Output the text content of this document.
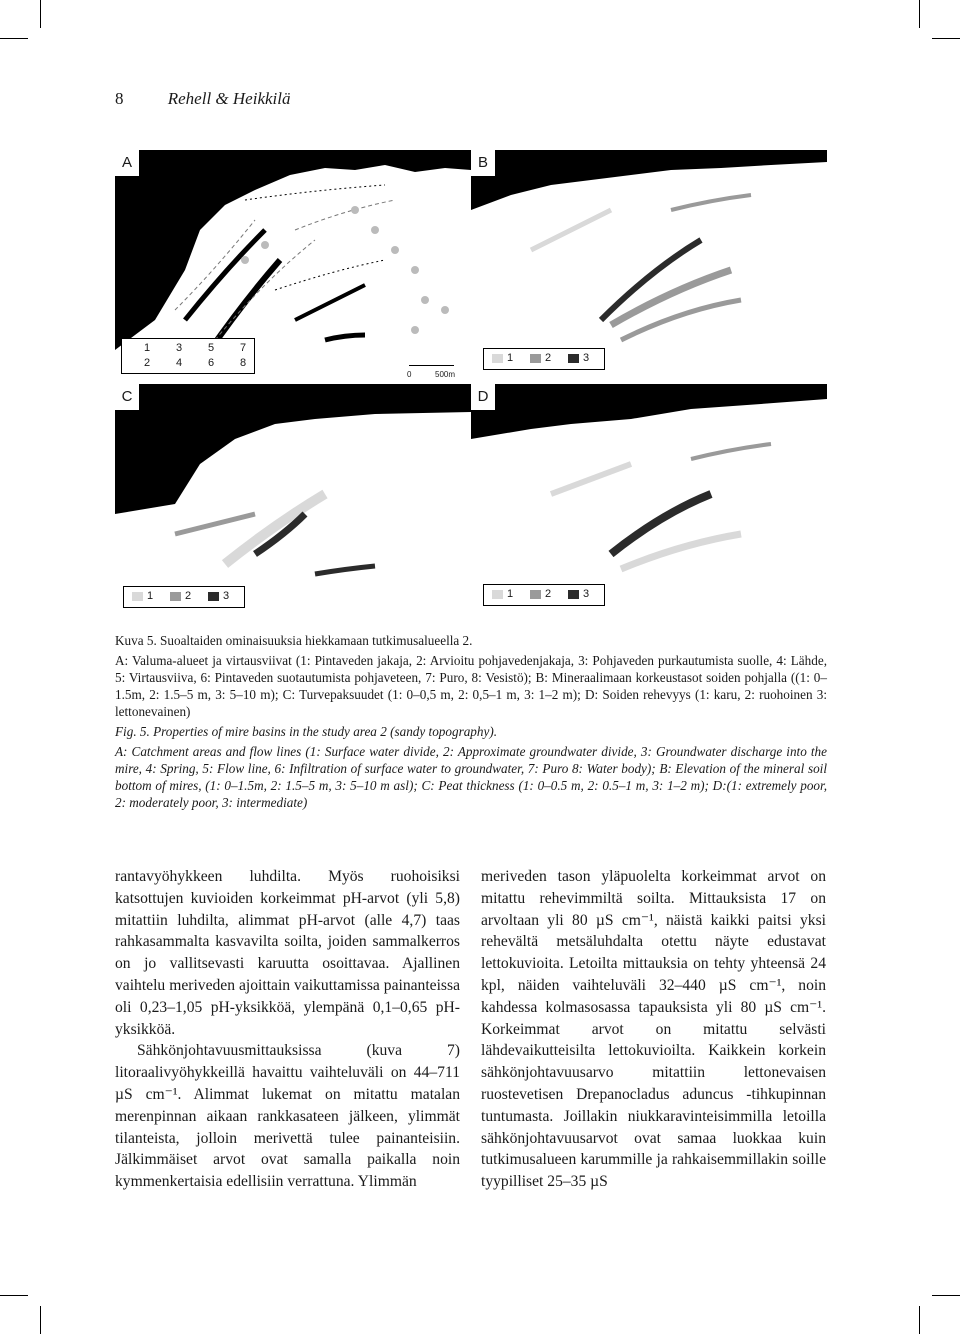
8	Rehell & Heikkilä
A
1 3 5 7
2 4 6 8
0	500m
B
1	2	3
C
1	2	3
D
1	2	3

Kuva 5. Suoaltaiden ominaisuuksia hiekkamaan tutkimusalueella 2.

A: Valuma-alueet ja virtausviivat (1: Pintaveden jakaja, 2: Arvioitu pohjavedenjakaja, 3: Pohjaveden purkautumista suolle, 4: Lähde, 5: Virtausviiva, 6: Pintaveden suotautumista pohjaveteen, 7: Puro, 8: Vesistö); B: Mineraalimaan korkeustasot soiden pohjalla ((1: 0–1.5m, 2: 1.5–5 m, 3: 5–10 m); C: Turvepaksuudet (1: 0–0,5 m, 2: 0,5–1 m, 3: 1–2 m); D: Soiden rehevyys (1: karu, 2: ruohoinen 3: lettonevainen)

Fig. 5. Properties of mire basins in the study area 2 (sandy topography).

A: Catchment areas and flow lines (1: Surface water divide, 2: Approximate groundwater divide, 3: Groundwater discharge into the mire, 4: Spring, 5: Flow line, 6: Infiltration of surface water to groundwater, 7: Puro 8: Water body); B: Elevation of the mineral soil bottom of mires, (1: 0–1.5m, 2: 1.5–5 m, 3: 5–10 m asl); C: Peat thickness (1: 0–0.5 m, 2: 0.5–1 m, 3: 1–2 m); D:(1: extremely poor, 2: moderately poor, 3: intermediate)

rantavyöhykkeen luhdilta. Myös ruohoisiksi katsottujen kuvioiden korkeimmat pH-arvot (yli 5,8) mitattiin luhdilta, alimmat pH-arvot (alle 4,7) taas rahkasammalta kasvavilta soilta, joiden sammalkerros on jo vallitsevasti karuutta osoittavaa. Ajallinen vaihtelu meriveden ajoittain vaikuttamissa painanteissa oli 0,23–1,05 pH-yksikköä, ylempänä 0,1–0,65 pH-yksikköä.

Sähkönjohtavuusmittauksissa (kuva 7) litoraalivyöhykkeillä havaittu vaihteluväli on 44–711 µS cm⁻¹. Alimmat lukemat on mitattu matalan merenpinnan aikaan rankkasateen jälkeen, ylimmät tilanteista, jolloin merivettä tulee painanteisiin. Jälkimmäiset arvot ovat samalla paikalla noin kymmenkertaisia edellisiin verrattuna. Ylimmän

meriveden tason yläpuolelta korkeimmat arvot on mitattu rehevimmiltä soilta. Mittauksista 17 on arvoltaan yli 80 µS cm⁻¹, näistä kaikki paitsi yksi rehevältä metsäluhdalta otettu näyte edustavat lettokuvioita. Letoilta mittauksia on tehty yhteensä 24 kpl, näiden vaihteluväli 32–440 µS cm⁻¹, noin kahdessa kolmasosassa tapauksista yli 80 µS cm⁻¹. Korkeimmat arvot on mitattu selvästi lähdevaikutteisilta lettokuvioilta. Kaikkein korkein sähkönjohtavuusarvo mitattiin lettonevaisen ruostevetisen Drepanocladus aduncus -tihkupinnan tuntumasta. Joillakin niukkaravinteisimmilla letoilla sähkönjohtavuusarvot ovat samaa luokkaa kuin tutkimusalueen karummille ja rahkaisemmillakin soille tyypilliset 25–35 µS
